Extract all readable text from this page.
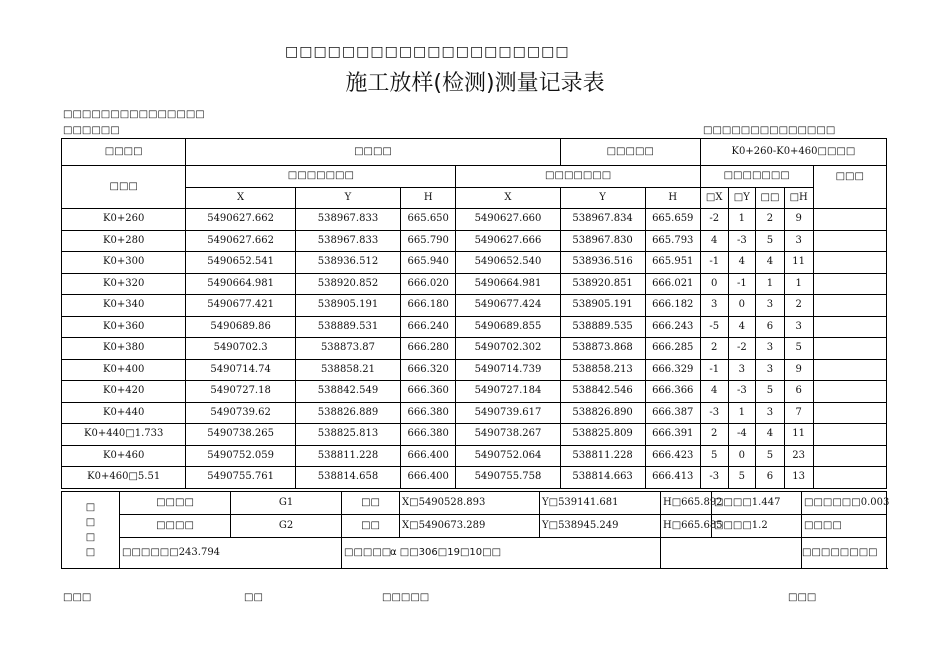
□□□□□□□□□□□□□□□□□□□□
施工放样(检测)测量记录表
□□□□□□□□□□□□□□□
□□□□□□	□□□□□□□□□□□□□□
□□□□	□□□□				□□□□□		K0+260-K0+460□□□□				
□□□	□□□□□□□			□□□□□□□			□□□□□□□				□□□
	X	Y	H	X	Y	H	□X	□Y	□□	□H	
K0+260	5490627.662	538967.833	665.650	5490627.660	538967.834	665.659	-2	1	2	9	
K0+280	5490627.662	538967.833	665.790	5490627.666	538967.830	665.793	4	-3	5	3	
K0+300	5490652.541	538936.512	665.940	5490652.540	538936.516	665.951	-1	4	4	11	
K0+320	5490664.981	538920.852	666.020	5490664.981	538920.851	666.021	0	-1	1	1	
K0+340	5490677.421	538905.191	666.180	5490677.424	538905.191	666.182	3	0	3	2	
K0+360	5490689.86	538889.531	666.240	5490689.855	538889.535	666.243	-5	4	6	3	
K0+380	5490702.3	538873.87	666.280	5490702.302	538873.868	666.285	2	-2	3	5	
K0+400	5490714.74	538858.21	666.320	5490714.739	538858.213	666.329	-1	3	3	9	
K0+420	5490727.18	538842.549	666.360	5490727.184	538842.546	666.366	4	-3	5	6	
K0+440	5490739.62	538826.889	666.380	5490739.617	538826.890	666.387	-3	1	3	7	
K0+440□1.733	5490738.265	538825.813	666.380	5490738.267	538825.809	666.391	2	-4	4	11	
K0+460	5490752.059	538811.228	666.400	5490752.064	538811.228	666.423	5	0	5	23	
K0+460□5.51	5490755.761	538814.658	666.400	5490755.758	538814.663	666.413	-3	5	6	13	
□□□□	□□□□	G1	□□	X□5490528.893	Y□539141.681	H□665.892	□□□□1.447	□□□□□□0.003
	□□□□	G2	□□	X□5490673.289	Y□538945.249	H□665.685	□□□□1.2	□□□□
	□□□□□□243.794		□□□□□α □□306□19□10□□					□□□□□□□□
□□□	□□	□□□□□	□□□
